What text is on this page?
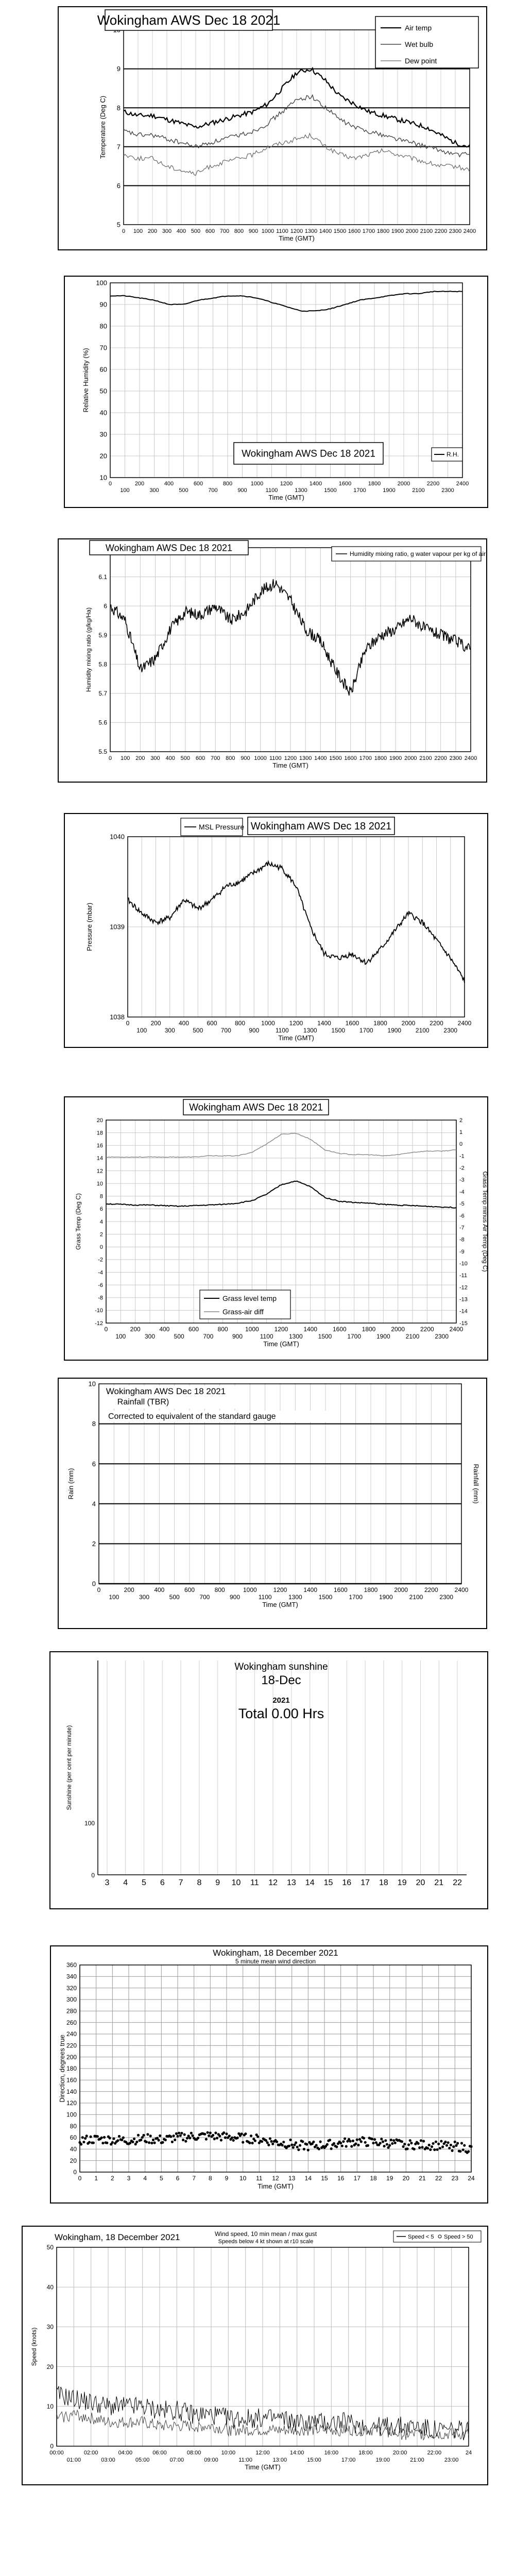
5
6
7
8
9
0 100 200 300 400 500 600 700 800 900 1000 1100 1200 1300 1400 1500 1600 1700 1800 1900 2000 2100 2200 2300 2400
Time (GMT)
Temperature (Deg C)
Wokingham AWS Dec 18 2021	Air temp
Wet bulb
Dew point
10
20
30
40
50
60
70
80
90
100
0	200	400	600	800	1000	1200	1400	1600	1800	2000	2200	2400
100	300	500	700	900	1100	1300	1500	1700	1900	2100	2300
Time (GMT)
Relative Humidity (%)
Wokingham AWS Dec 18 2021	R.H.
5.5
5.6
5.7
5.8
5.9
6
6.1
0 100 200 300 400 500 600 700 800 900 1000 1100 1200 1300 1400 1500 1600 1700 1800 1900 2000 2100 2200 2300 2400
Time (GMT)
Humidity mixing ratio (g/kg/Ha)
Wokingham AWS Dec 18 2021
Humidity mixing ratio, g water vapour per kg of air
1038
1039
1040
0	200	400	600	800	1000 1200 1400 1600 1800 2000 2200 2400
100	300	500	700	900	1100 1300 1500 1700 1900 2100 2300
Time (GMT)
Pressure (mbar)
MSL Pressure Wokingham AWS Dec 18 2021
20
18
16
14
12
10
8
6
4
2
0
-2
-4
-6
-8
-10
-12
2
1
0
-1
-2
-3
-4
-5
-6
-7
-8
-9
-10
-11
-12
-13
-14
-15
0	200	400	600	800	1000 1200 1400 1600 1800 2000 2200 2400
100	300	500	700	900	1100	1300 1500 1700 1900 2100 2300
Time (GMT)
Grass Temp (Deg C)	Grass Temp minus Air Temp (Deg C)
Wokingham AWS Dec 18 2021
Grass level temp
Grass-air diff
0
2
4
6
8
10
0	200	400	600	800	1000	1200	1400	1600	1800	2000	2200	2400
100	300	500	700	900	1100	1300	1500	1700	1900	2100	2300
Time (GMT)
Rain (mm)	Rainfall (mm)
Wokingham AWS Dec 18 2021
Rainfall (TBR)
Corrected to equivalent of the standard gauge
3 4 5 6 7 8 9 10 11 12 13 14 15 16 17 18 19 20 21 22
0
100
Sunshine (per cent per minute)
Wokingham sunshine
18-Dec
2021
Total 0.00 Hrs
0
20
40
60
80
100
120
140
160
180
200
220
240
260
280
300
320
340
360
0 1 2 3 4 5 6 7 8 9 10 11 12 13 14 15 16 17 18 19 20 21 22 23 24
Time (GMT)
Direction, degrees true
Wokingham, 18 December 2021
5 minute mean wind direction
0
10
20
30
40
50
00:00	02:00	04:00	06:00	08:00	10:00	12:00	14:00	16:00	18:00	20:00	22:00	24
01:00	03:00	05:00	07:00	09:00	11:00	13:00	15:00	17:00	19:00	21:00	23:00
Time (GMT)
Speed (knots)
Wokingham, 18 December 2021	Wind speed, 10 min mean / max gust
Speeds below 4 kt shown at r10 scale
Speed < 5 Speed > 50
